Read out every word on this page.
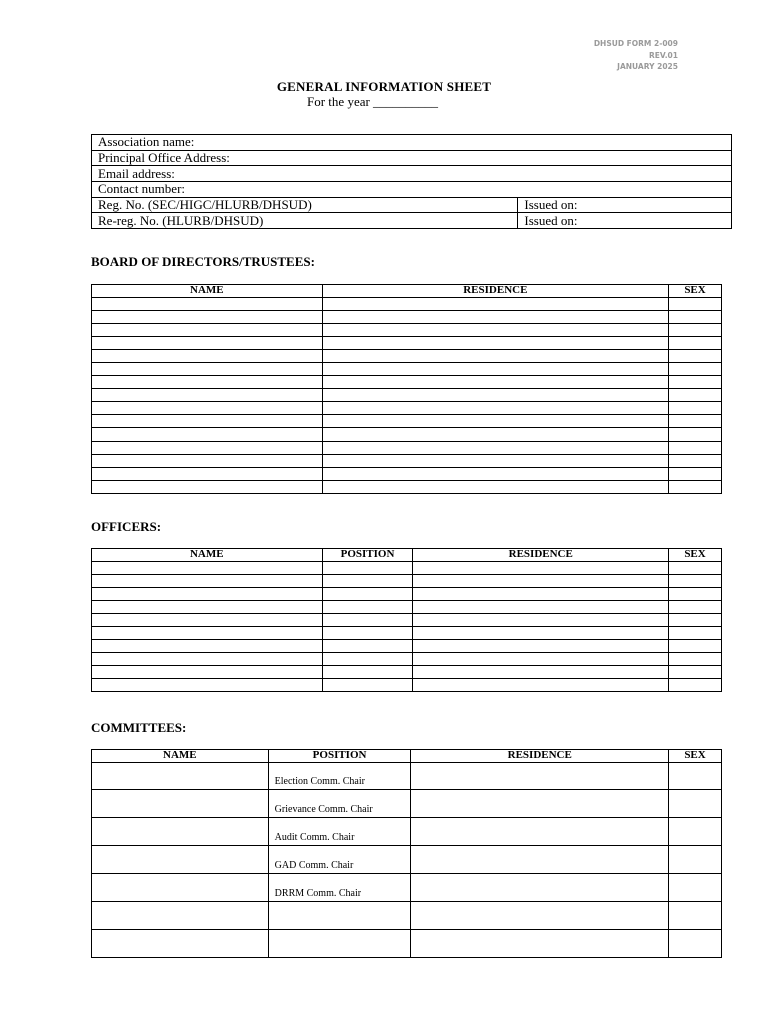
DHSUD FORM 2-009
REV.01
JANUARY 2025
GENERAL INFORMATION SHEET
For the year __________
Association name:	
Principal Office Address:	
Email address:	
Contact number:	
Reg. No. (SEC/HIGC/HLURB/DHSUD)	Issued on:
Re-reg. No. (HLURB/DHSUD)	Issued on:
BOARD OF DIRECTORS/TRUSTEES:
NAME	RESIDENCE	SEX

OFFICERS:
NAME	POSITION	RESIDENCE	SEX

COMMITTEES:
NAME	POSITION	RESIDENCE	SEX
	Election Comm. Chair		
	Grievance Comm. Chair		
	Audit Comm. Chair		
	GAD Comm. Chair		
	DRRM Comm. Chair		
